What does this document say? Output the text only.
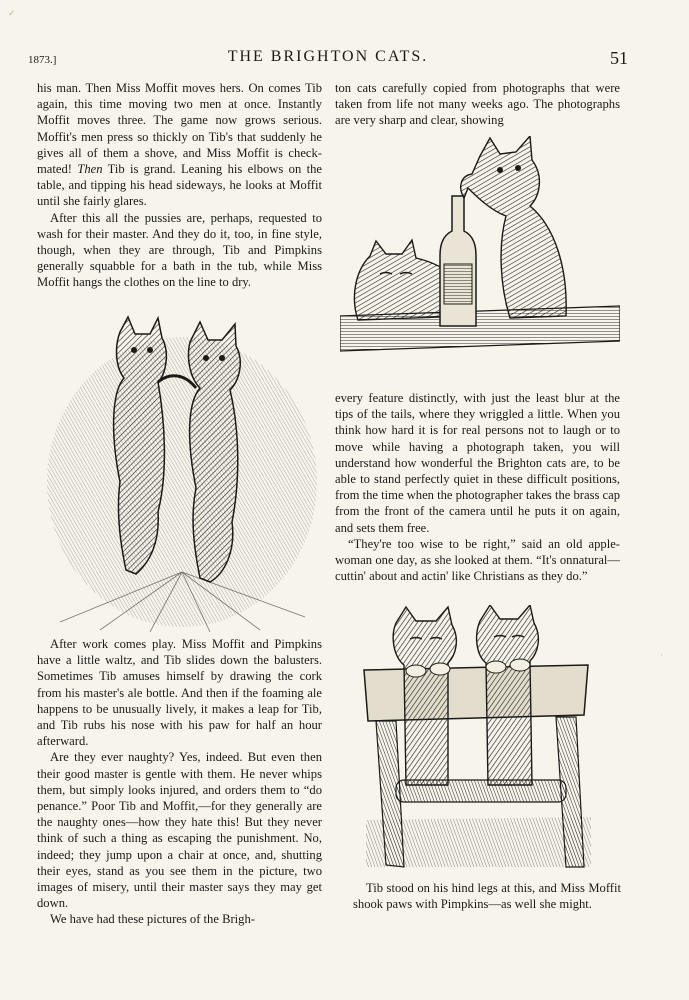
1873.]	THE BRIGHTON CATS.	51

his man. Then Miss Moffit moves hers. On comes Tib again, this time moving two men at once. Instantly Moffit moves three. The game now grows serious. Moffit's men press so thickly on Tib's that suddenly he gives all of them a shove, and Miss Moffit is check-mated! Then Tib is grand. Leaning his elbows on the table, and tipping his head sideways, he looks at Moffit until she fairly glares.

After this all the pussies are, perhaps, requested to wash for their master. And they do it, too, in fine style, though, when they are through, Tib and Pimpkins generally squabble for a bath in the tub, while Miss Moffit hangs the clothes on the line to dry.

After work comes play. Miss Moffit and Pimpkins have a little waltz, and Tib slides down the balusters. Sometimes Tib amuses himself by drawing the cork from his master's ale bottle. And then if the foaming ale happens to be unusually lively, it makes a leap for Tib, and Tib rubs his nose with his paw for half an hour afterward.

Are they ever naughty? Yes, indeed. But even then their good master is gentle with them. He never whips them, but simply looks injured, and orders them to “do penance.” Poor Tib and Moffit,—for they generally are the naughty ones—how they hate this! But they never think of such a thing as escaping the punishment. No, indeed; they jump upon a chair at once, and, shutting their eyes, stand as you see them in the picture, two images of misery, until their master says they may get down.

We have had these pictures of the Brigh-

ton cats carefully copied from photographs that were taken from life not many weeks ago. The photographs are very sharp and clear, showing

every feature distinctly, with just the least blur at the tips of the tails, where they wriggled a little. When you think how hard it is for real persons not to laugh or to move while having a photograph taken, you will understand how wonderful the Brighton cats are, to be able to stand perfectly quiet in these difficult positions, from the time when the photographer takes the brass cap from the front of the camera until he puts it on again, and sets them free.

“They're too wise to be right,” said an old apple-woman one day, as she looked at them. “It's onnatural—cuttin' about and actin' like Christians as they do.”

Tib stood on his hind legs at this, and Miss Moffit shook paws with Pimpkins—as well she might.

✓
·
